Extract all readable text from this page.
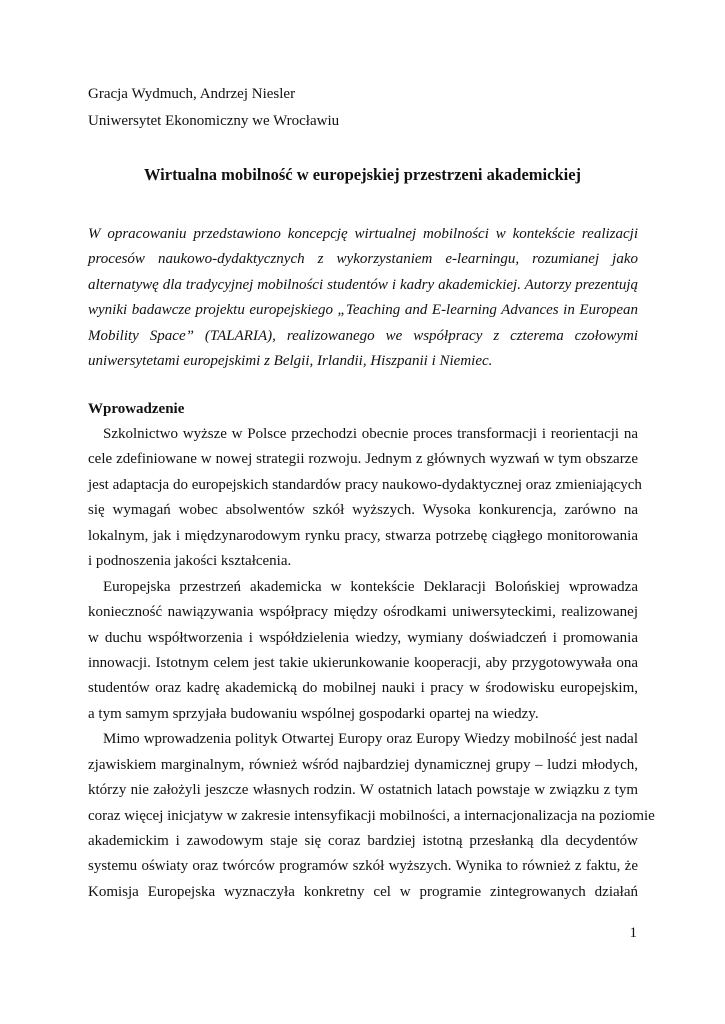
Gracja Wydmuch, Andrzej Niesler
Uniwersytet Ekonomiczny we Wrocławiu
Wirtualna mobilność w europejskiej przestrzeni akademickiej
W opracowaniu przedstawiono koncepcję wirtualnej mobilności w kontekście realizacji
procesów naukowo-dydaktycznych z wykorzystaniem e-learningu, rozumianej jako
alternatywę dla tradycyjnej mobilności studentów i kadry akademickiej. Autorzy prezentują
wyniki badawcze projektu europejskiego „Teaching and E-learning Advances in European
Mobility Space” (TALARIA), realizowanego we współpracy z czterema czołowymi
uniwersytetami europejskimi z Belgii, Irlandii, Hiszpanii i Niemiec.
Wprowadzenie
Szkolnictwo wyższe w Polsce przechodzi obecnie proces transformacji i reorientacji na
cele zdefiniowane w nowej strategii rozwoju. Jednym z głównych wyzwań w tym obszarze
jest adaptacja do europejskich standardów pracy naukowo-dydaktycznej oraz zmieniających
się wymagań wobec absolwentów szkół wyższych. Wysoka konkurencja, zarówno na
lokalnym, jak i międzynarodowym rynku pracy, stwarza potrzebę ciągłego monitorowania
i podnoszenia jakości kształcenia.
Europejska przestrzeń akademicka w kontekście Deklaracji Bolońskiej wprowadza
konieczność nawiązywania współpracy między ośrodkami uniwersyteckimi, realizowanej
w duchu współtworzenia i współdzielenia wiedzy, wymiany doświadczeń i promowania
innowacji. Istotnym celem jest takie ukierunkowanie kooperacji, aby przygotowywała ona
studentów oraz kadrę akademicką do mobilnej nauki i pracy w środowisku europejskim,
a tym samym sprzyjała budowaniu wspólnej gospodarki opartej na wiedzy.
Mimo wprowadzenia polityk Otwartej Europy oraz Europy Wiedzy mobilność jest nadal
zjawiskiem marginalnym, również wśród najbardziej dynamicznej grupy – ludzi młodych,
którzy nie założyli jeszcze własnych rodzin. W ostatnich latach powstaje w związku z tym
coraz więcej inicjatyw w zakresie intensyfikacji mobilności, a internacjonalizacja na poziomie
akademickim i zawodowym staje się coraz bardziej istotną przesłanką dla decydentów
systemu oświaty oraz twórców programów szkół wyższych. Wynika to również z faktu, że
Komisja Europejska wyznaczyła konkretny cel w programie zintegrowanych działań
1
